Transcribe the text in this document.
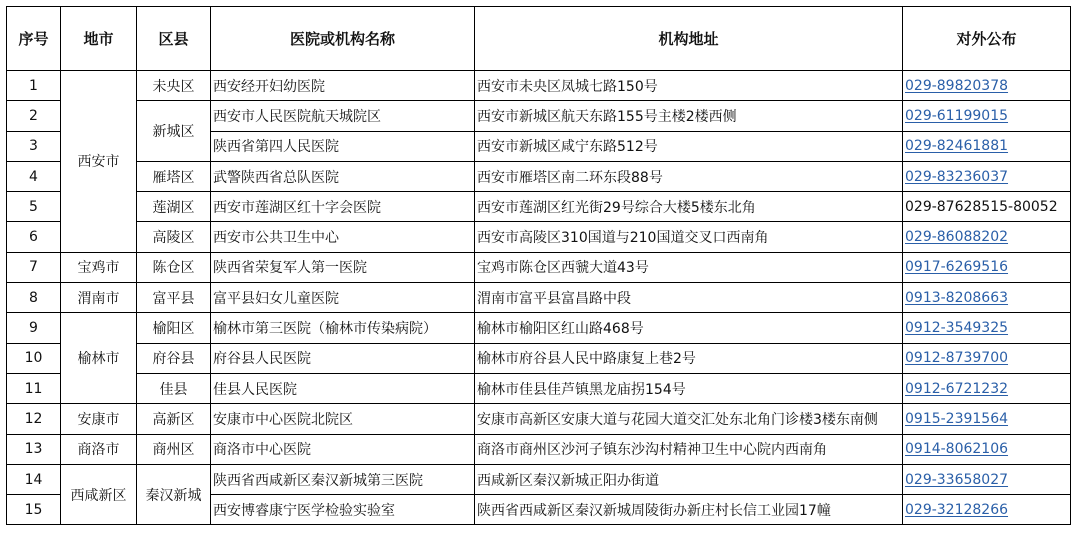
序号	地市	区县	医院或机构名称	机构地址	对外公布
1	西安市	未央区	西安经开妇幼医院	西安市未央区凤城七路150号	029-89820378
2		新城区	西安市人民医院航天城院区	西安市新城区航天东路155号主楼2楼西侧	029-61199015
3			陕西省第四人民医院	西安市新城区咸宁东路512号	029-82461881
4		雁塔区	武警陕西省总队医院	西安市雁塔区南二环东段88号	029-83236037
5		莲湖区	西安市莲湖区红十字会医院	西安市莲湖区红光街29号综合大楼5楼东北角	029-87628515-80052
6		高陵区	西安市公共卫生中心	西安市高陵区310国道与210国道交叉口西南角	029-86088202
7	宝鸡市	陈仓区	陕西省荣复军人第一医院	宝鸡市陈仓区西虢大道43号	0917-6269516
8	渭南市	富平县	富平县妇女儿童医院	渭南市富平县富昌路中段	0913-8208663
9	榆林市	榆阳区	榆林市第三医院（榆林市传染病院）	榆林市榆阳区红山路468号	0912-3549325
10		府谷县	府谷县人民医院	榆林市府谷县人民中路康复上巷2号	0912-8739700
11		佳县	佳县人民医院	榆林市佳县佳芦镇黑龙庙拐154号	0912-6721232
12	安康市	高新区	安康市中心医院北院区	安康市高新区安康大道与花园大道交汇处东北角门诊楼3楼东南侧	0915-2391564
13	商洛市	商州区	商洛市中心医院	商洛市商州区沙河子镇东沙沟村精神卫生中心院内西南角	0914-8062106
14	西咸新区	秦汉新城	陕西省西咸新区秦汉新城第三医院	西咸新区秦汉新城正阳办街道	029-33658027
15			西安博睿康宁医学检验实验室	陕西省西咸新区秦汉新城周陵街办新庄村长信工业园17幢	029-32128266
